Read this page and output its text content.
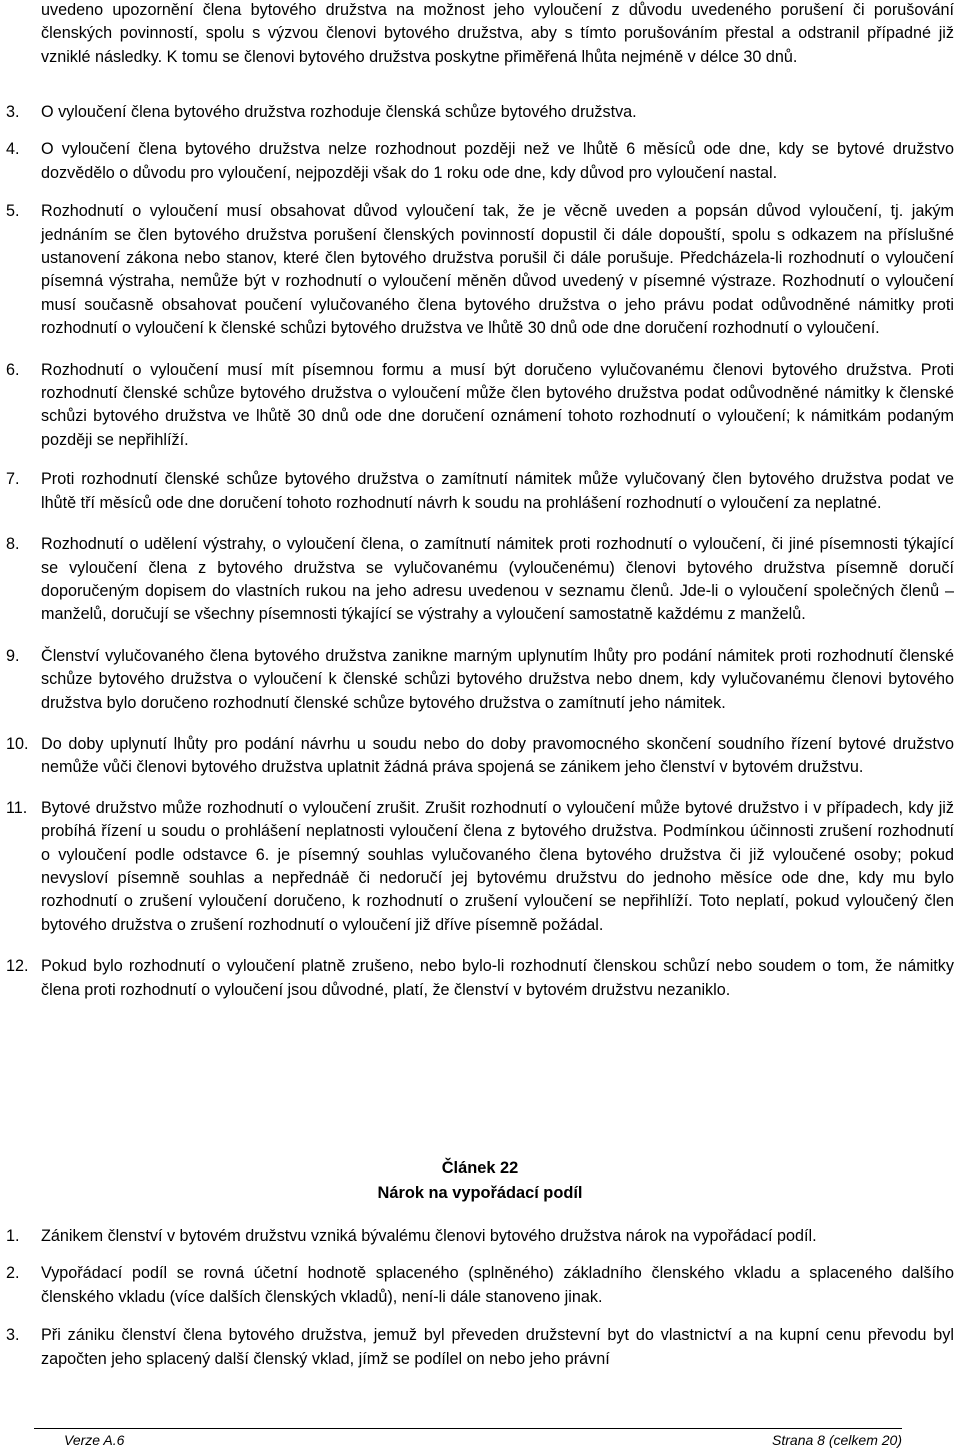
uvedeno upozornění člena bytového družstva na možnost jeho vyloučení z důvodu uvedeného porušení či porušování členských povinností, spolu s výzvou členovi bytového družstva, aby s tímto porušováním přestal a odstranil případné již vzniklé následky. K tomu se členovi bytového družstva poskytne přiměřená lhůta nejméně v délce 30 dnů.

3.	O vyloučení člena bytového družstva rozhoduje členská schůze bytového družstva.
4.	O vyloučení člena bytového družstva nelze rozhodnout později než ve lhůtě 6 měsíců ode dne, kdy se bytové družstvo dozvědělo o důvodu pro vyloučení, nejpozději však do 1 roku ode dne, kdy důvod pro vyloučení nastal.
5.	Rozhodnutí o vyloučení musí obsahovat důvod vyloučení tak, že je věcně uveden a popsán důvod vyloučení, tj. jakým jednáním se člen bytového družstva porušení členských povinností dopustil či dále dopouští, spolu s odkazem na příslušné ustanovení zákona nebo stanov, které člen bytového družstva porušil či dále porušuje. Předcházela-li rozhodnutí o vyloučení písemná výstraha, nemůže být v rozhodnutí o vyloučení měněn důvod uvedený v písemné výstraze. Rozhodnutí o vyloučení musí současně obsahovat poučení vylučovaného člena bytového družstva o jeho právu podat odůvodněné námitky proti rozhodnutí o vyloučení k členské schůzi bytového družstva ve lhůtě 30 dnů ode dne doručení rozhodnutí o vyloučení.
6.	Rozhodnutí o vyloučení musí mít písemnou formu a musí být doručeno vylučovanému členovi bytového družstva. Proti rozhodnutí členské schůze bytového družstva o vyloučení může člen bytového družstva podat odůvodněné námitky k členské schůzi bytového družstva ve lhůtě 30 dnů ode dne doručení oznámení tohoto rozhodnutí o vyloučení; k námitkám podaným později se nepřihlíží.
7.	Proti rozhodnutí členské schůze bytového družstva o zamítnutí námitek může vylučovaný člen bytového družstva podat ve lhůtě tří měsíců ode dne doručení tohoto rozhodnutí návrh k soudu na prohlášení rozhodnutí o vyloučení za neplatné.
8.	Rozhodnutí o udělení výstrahy, o vyloučení člena, o zamítnutí námitek proti rozhodnutí o vyloučení, či jiné písemnosti týkající se vyloučení člena z bytového družstva se vylučovanému (vyloučenému) členovi bytového družstva písemně doručí doporučeným dopisem do vlastních rukou na jeho adresu uvedenou v seznamu členů. Jde-li o vyloučení společných členů – manželů, doručují se všechny písemnosti týkající se výstrahy a vyloučení samostatně každému z manželů.
9.	Členství vylučovaného člena bytového družstva zanikne marným uplynutím lhůty pro podání námitek proti rozhodnutí členské schůze bytového družstva o vyloučení k členské schůzi bytového družstva nebo dnem, kdy vylučovanému členovi bytového družstva bylo doručeno rozhodnutí členské schůze bytového družstva o zamítnutí jeho námitek.
10. Do doby uplynutí lhůty pro podání návrhu u soudu nebo do doby pravomocného skončení soudního řízení bytové družstvo nemůže vůči členovi bytového družstva uplatnit žádná práva spojená se zánikem jeho členství v bytovém družstvu.
11. Bytové družstvo může rozhodnutí o vyloučení zrušit. Zrušit rozhodnutí o vyloučení může bytové družstvo i v případech, kdy již probíhá řízení u soudu o prohlášení neplatnosti vyloučení člena z bytového družstva. Podmínkou účinnosti zrušení rozhodnutí o vyloučení podle odstavce 6. je písemný souhlas vylučovaného člena bytového družstva či již vyloučené osoby; pokud nevysloví písemně souhlas a nepřednáě či nedoručí jej bytovému družstvu do jednoho měsíce ode dne, kdy mu bylo rozhodnutí o zrušení vyloučení doručeno, k rozhodnutí o zrušení vyloučení se nepřihlíží. Toto neplatí, pokud vyloučený člen bytového družstva o zrušení rozhodnutí o vyloučení již dříve písemně požádal.
12. Pokud bylo rozhodnutí o vyloučení platně zrušeno, nebo bylo-li rozhodnutí členskou schůzí nebo soudem o tom, že námitky člena proti rozhodnutí o vyloučení jsou důvodné, platí, že členství v bytovém družstvu nezaniklo.
Článek 22
Nárok na vypořádací podíl
1.	Zánikem členství v bytovém družstvu vzniká bývalému členovi bytového družstva nárok na vypořádací podíl.
2.	Vypořádací podíl se rovná účetní hodnotě splaceného (splněného) základního členského vkladu a splaceného dalšího členského vkladu (více dalších členských vkladů), není-li dále stanoveno jinak.
3.	Při zániku členství člena bytového družstva, jemuž byl převeden družstevní byt do vlastnictví a na kupní cenu převodu byl započten jeho splacený další členský vklad, jímž se podílel on nebo jeho právní
Verze A.6	Strana 8 (celkem 20)
